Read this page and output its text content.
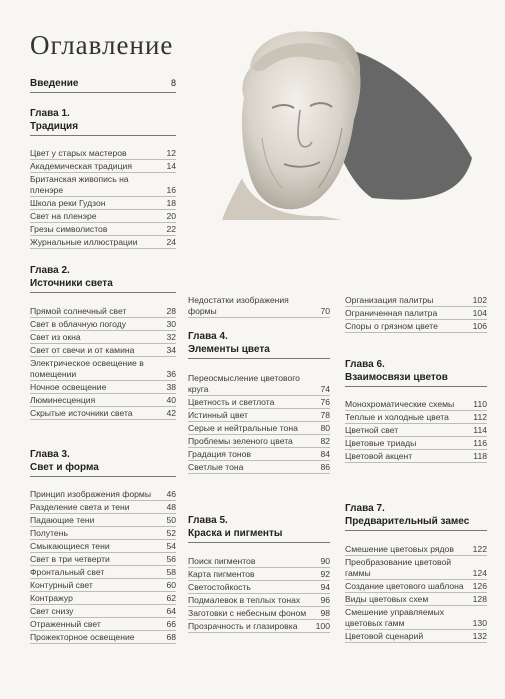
Оглавление
Введение	8
Глава 1.
Традиция
Цвет у старых мастеров	12
Академическая традиция	14
Британская живопись на пленэре	16
Школа реки Гудзон	18
Свет на пленэре	20
Грезы символистов	22
Журнальные иллюстрации	24
Глава 2.
Источники света
Прямой солнечный свет	28
Свет в облачную погоду	30
Свет из окна	32
Свет от свечи и от камина	34
Электрическое освещение в помещении	36
Ночное освещение	38
Люминесценция	40
Скрытые источники света	42
Глава 3.
Свет и форма
Принцип изображения формы	46
Разделение света и тени	48
Падающие тени	50
Полутень	52
Смыкающиеся тени	54
Свет в три четверти	56
Фронтальный свет	58
Контурный свет	60
Контражур	62
Свет снизу	64
Отраженный свет	66
Прожекторное освещение	68
Недостатки изображения формы	70
Глава 4.
Элементы цвета
Переосмысление цветового круга	74
Цветность и светлота	76
Истинный цвет	78
Серые и нейтральные тона	80
Проблемы зеленого цвета	82
Градация тонов	84
Светлые тона	86
Глава 5.
Краска и пигменты
Поиск пигментов	90
Карта пигментов	92
Светостойкость	94
Подмалевок в теплых тонах	96
Заготовки с небесным фоном	98
Прозрачность и глазировка	100
Организация палитры	102
Ограниченная палитра	104
Споры о грязном цвете	106
Глава 6.
Взаимосвязи цветов
Монохроматические схемы	110
Теплые и холодные цвета	112
Цветной свет	114
Цветовые триады	116
Цветовой акцент	118
Глава 7.
Предварительный замес
Смешение цветовых рядов	122
Преобразование цветовой гаммы	124
Создание цветового шаблона	126
Виды цветовых схем	128
Смешение управляемых цветовых гамм	130
Цветовой сценарий	132
